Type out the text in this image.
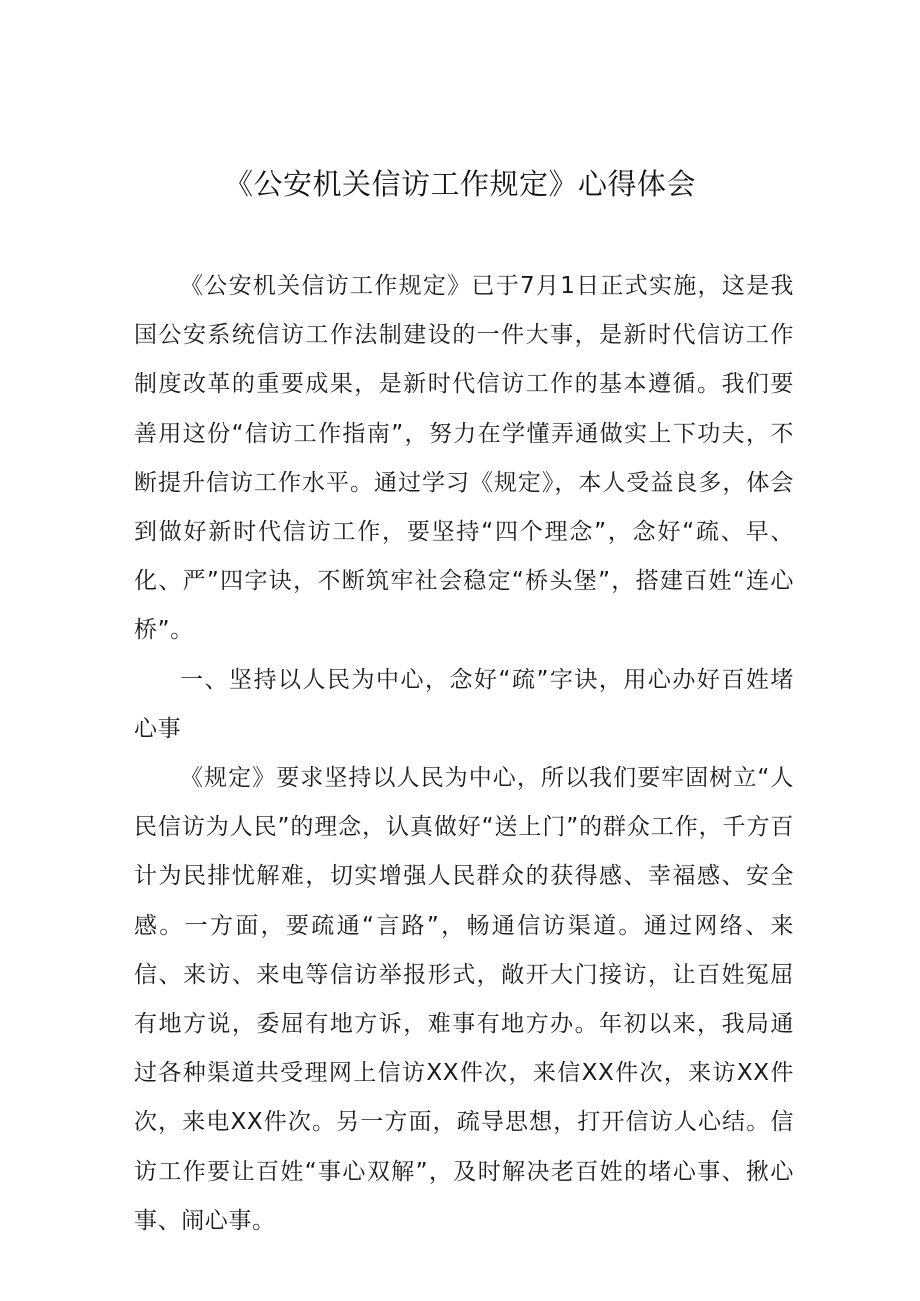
《公安机关信访工作规定》心得体会

《公安机关信访工作规定》已于7月1日正式实施，这是我国公安系统信访工作法制建设的一件大事，是新时代信访工作制度改革的重要成果，是新时代信访工作的基本遵循。我们要善用这份“信访工作指南”，努力在学懂弄通做实上下功夫，不断提升信访工作水平。通过学习《规定》，本人受益良多，体会到做好新时代信访工作，要坚持“四个理念”，念好“疏、早、化、严”四字诀，不断筑牢社会稳定“桥头堡”，搭建百姓“连心桥”。

一、坚持以人民为中心，念好“疏”字诀，用心办好百姓堵心事

《规定》要求坚持以人民为中心，所以我们要牢固树立“人民信访为人民”的理念，认真做好“送上门”的群众工作，千方百计为民排忧解难，切实增强人民群众的获得感、幸福感、安全感。一方面，要疏通“言路”，畅通信访渠道。通过网络、来信、来访、来电等信访举报形式，敞开大门接访，让百姓冤屈有地方说，委屈有地方诉，难事有地方办。年初以来，我局通过各种渠道共受理网上信访XX件次，来信XX件次，来访XX件次，来电XX件次。另一方面，疏导思想，打开信访人心结。信访工作要让百姓“事心双解”，及时解决老百姓的堵心事、揪心事、闹心事。
